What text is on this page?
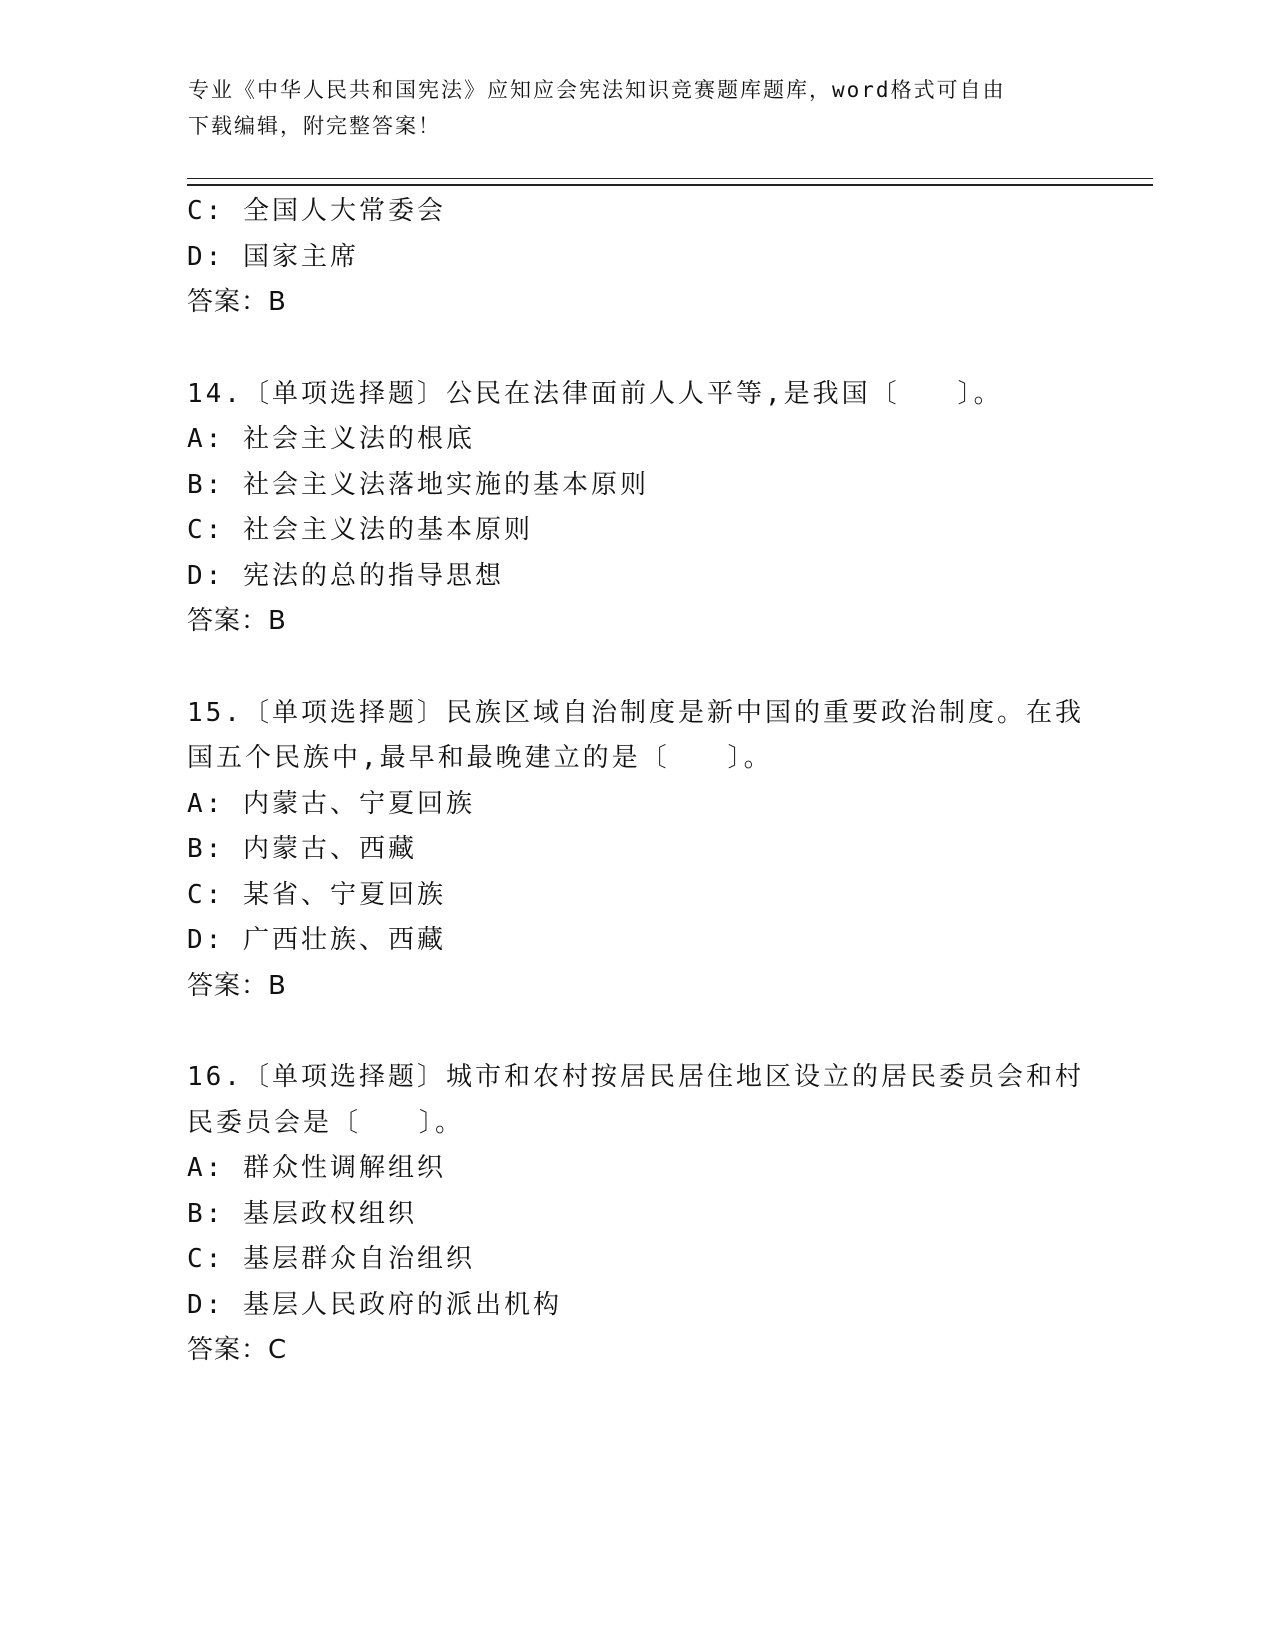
专业《中华人民共和国宪法》应知应会宪法知识竞赛题库题库，word格式可自由
下载编辑，附完整答案！
C: 全国人大常委会
D: 国家主席
答案：B
14.〔单项选择题〕公民在法律面前人人平等,是我国〔　　〕。
A: 社会主义法的根底
B: 社会主义法落地实施的基本原则
C: 社会主义法的基本原则
D: 宪法的总的指导思想
答案：B
15.〔单项选择题〕民族区域自治制度是新中国的重要政治制度。在我
国五个民族中,最早和最晚建立的是〔　　〕。
A: 内蒙古、宁夏回族
B: 内蒙古、西藏
C: 某省、宁夏回族
D: 广西壮族、西藏
答案：B
16.〔单项选择题〕城市和农村按居民居住地区设立的居民委员会和村
民委员会是〔　　〕。
A: 群众性调解组织
B: 基层政权组织
C: 基层群众自治组织
D: 基层人民政府的派出机构
答案：C
